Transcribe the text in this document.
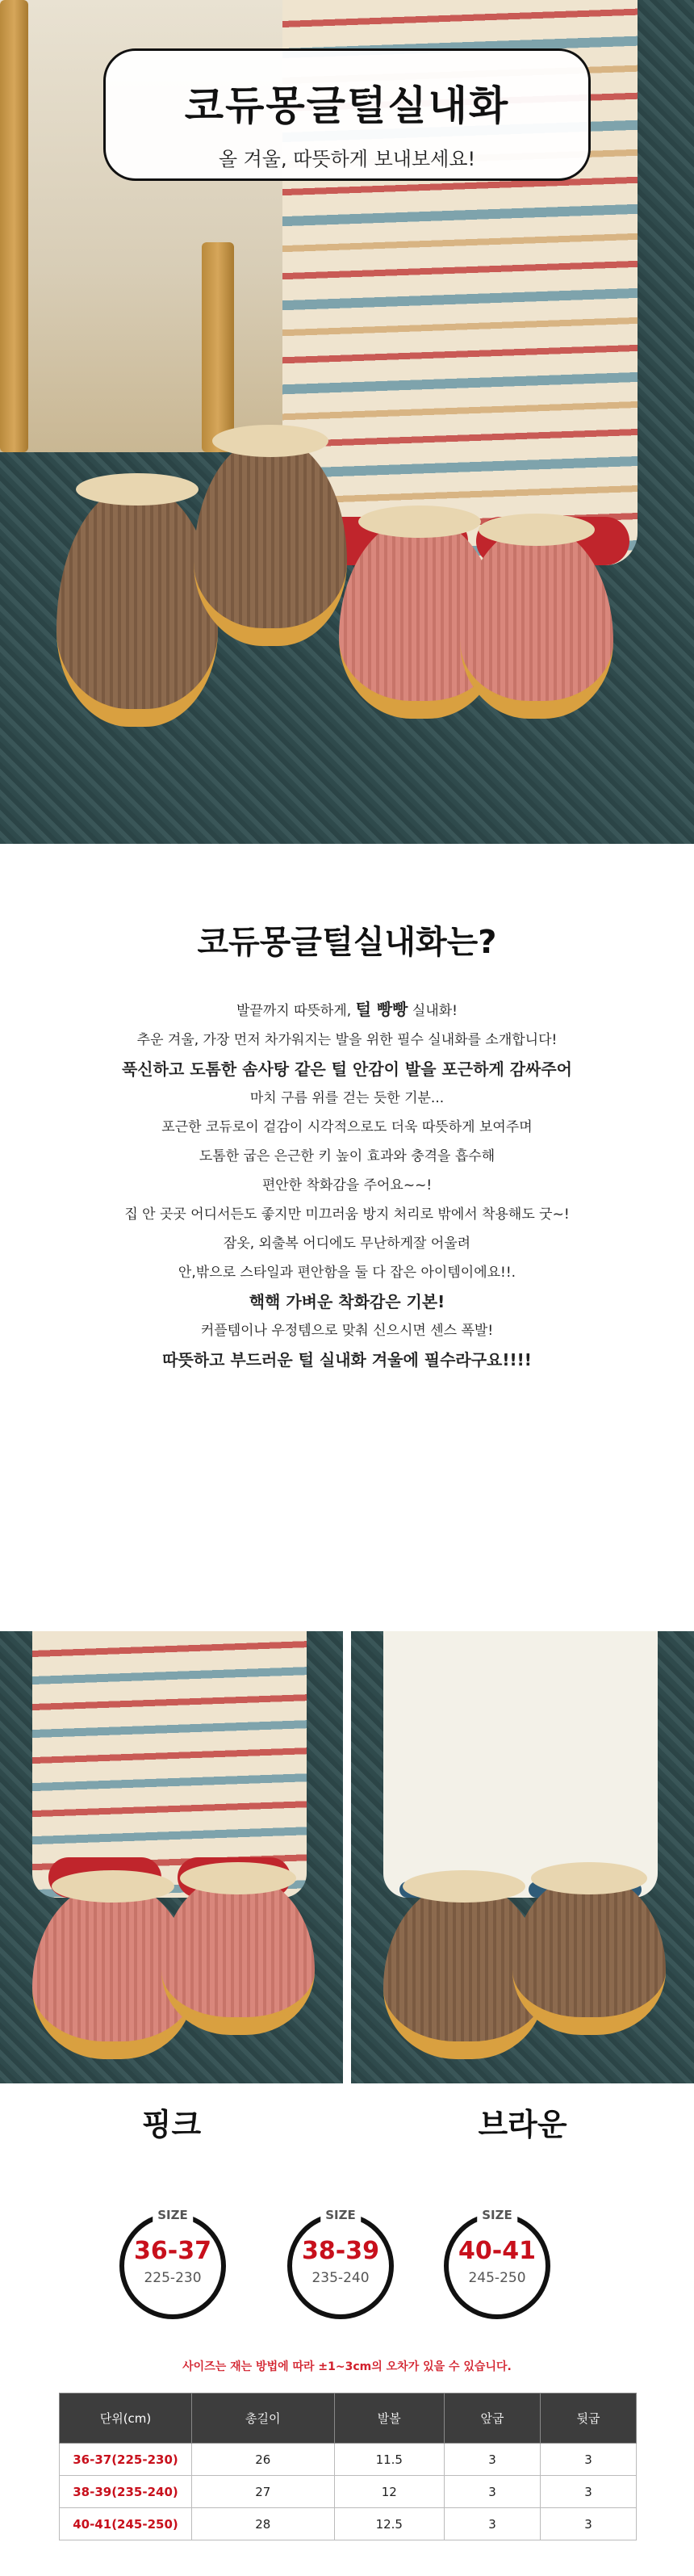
코듀몽글털실내화
올 겨울, 따뜻하게 보내보세요!
코듀몽글털실내화는?

발끝까지 따뜻하게, 털 빵빵 실내화!

추운 겨울, 가장 먼저 차가워지는 발을 위한 필수 실내화를 소개합니다!

푹신하고 도톰한 솜사탕 같은 털 안감이 발을 포근하게 감싸주어

마치 구름 위를 걷는 듯한 기분...

포근한 코듀로이 겉감이 시각적으로도 더욱 따뜻하게 보여주며

도톰한 굽은 은근한 키 높이 효과와 충격을 흡수해

편안한 착화감을 주어요~~!

집 안 곳곳 어디서든도 좋지만 미끄러움 방지 처리로 밖에서 착용해도 굿~!

잠옷, 외출복 어디에도 무난하게잘 어울려

안,밖으로 스타일과 편안함을 둘 다 잡은 아이템이에요!!.

핵핵 가벼운 착화감은 기본!

커플템이나 우정템으로 맞춰 신으시면 센스 폭발!

따뜻하고 부드러운 털 실내화 겨울에 필수라구요!!!!

핑크	브라운
SIZE
36-37
225-230
SIZE
38-39
235-240
SIZE
40-41
245-250
사이즈는 재는 방법에 따라 ±1~3cm의 오차가 있을 수 있습니다.
단위(cm)	총길이	발볼	앞굽	뒷굽
36-37(225-230)	26	11.5	3	3
38-39(235-240)	27	12	3	3
40-41(245-250)	28	12.5	3	3
